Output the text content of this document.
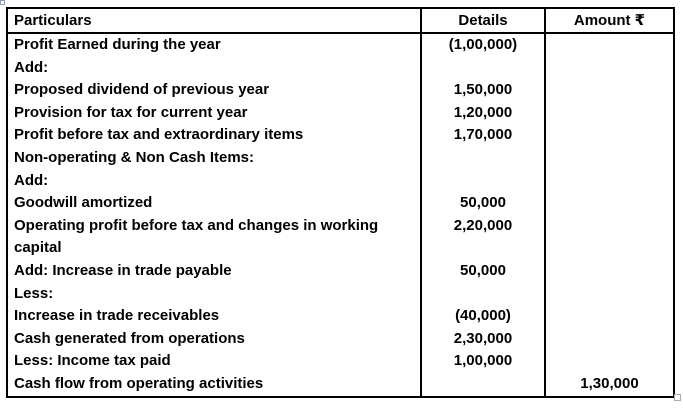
Particulars	Details	Amount ₹
Profit Earned during the year	(1,00,000)	
Add:		
Proposed dividend of previous year	1,50,000	
Provision for tax for current year	1,20,000	
Profit before tax and extraordinary items	1,70,000	
Non-operating & Non Cash Items:		
Add:		
Goodwill amortized	50,000	
Operating profit before tax and changes in working capital	2,20,000	
Add: Increase in trade payable	50,000	
Less:		
Increase in trade receivables	(40,000)	
Cash generated from operations	2,30,000	
Less: Income tax paid	1,00,000	
Cash flow from operating activities		1,30,000
